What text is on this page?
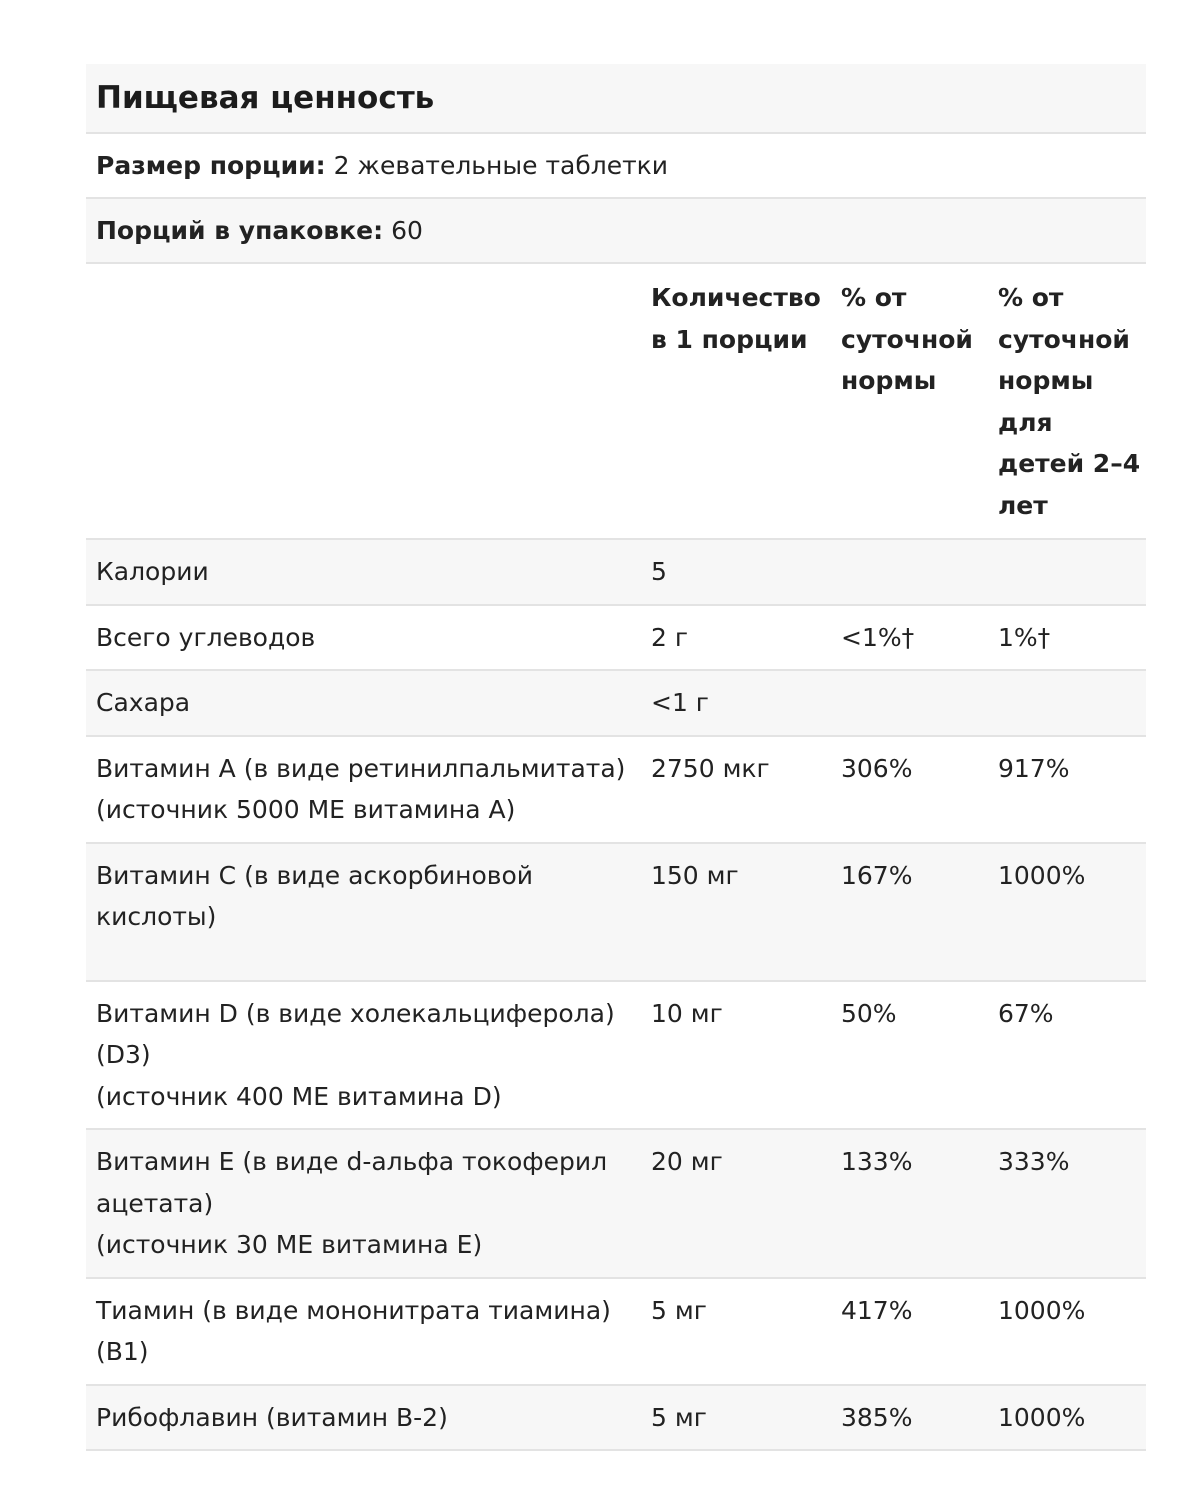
Пищевая ценность
Размер порции:
2 жевательные таблетки
Порций в упаковке:
60
	Количество в 1 порции	% от суточной нормы	% от суточной нормы для детей 2–4 лет

Калории	5		

Всего углеводов	2 г	<1%†	1%†

Сахара	<1 г		

Витамин A (в виде ретинилпальмитата)
(источник 5000 МЕ витамина А)	2750 мкг	306%	917%

Витамин C (в виде аскорбиновой кислоты)	150 мг	167%	1000%

Витамин D (в виде холекальциферола) (D3)
(источник 400 МЕ витамина D)	10 мг	50%	67%

Витамин E (в виде d-альфа токоферил ацетата)
(источник 30 МЕ витамина E)	20 мг	133%	333%

Тиамин (в виде мононитрата тиамина) (B1)	5 мг	417%	1000%

Рибофлавин (витамин B-2)	5 мг	385%	1000%
